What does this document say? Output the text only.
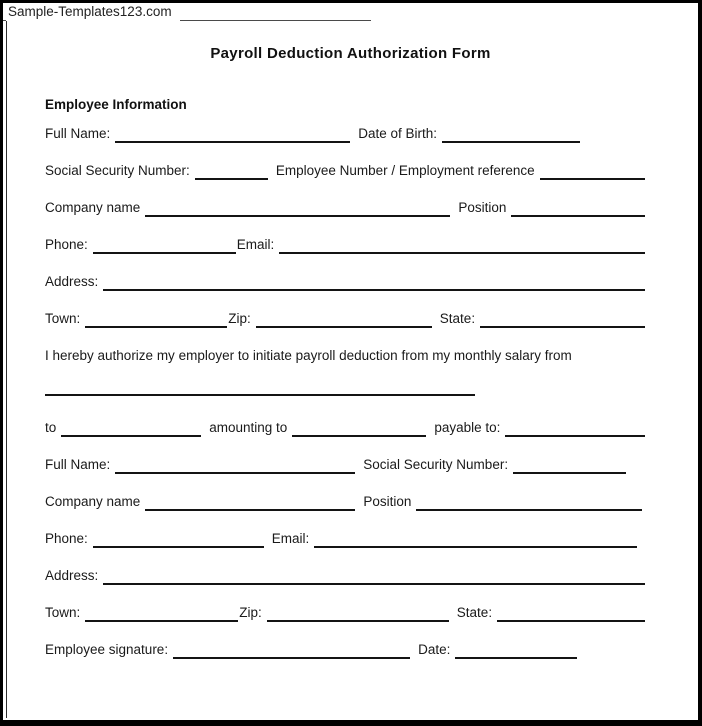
Sample-Templates123.com
Payroll Deduction Authorization Form
Employee Information
Full Name:	Date of Birth:
Social Security Number:	Employee Number / Employment reference
Company name	Position
Phone:	Email:
Address:
Town:	Zip:	State:

I hereby authorize my employer to initiate payroll deduction from my monthly salary from

to	amounting to	payable to:
Full Name:	Social Security Number:
Company name	Position
Phone:	Email:
Address:
Town:	Zip:	State:
Employee signature:	Date:
